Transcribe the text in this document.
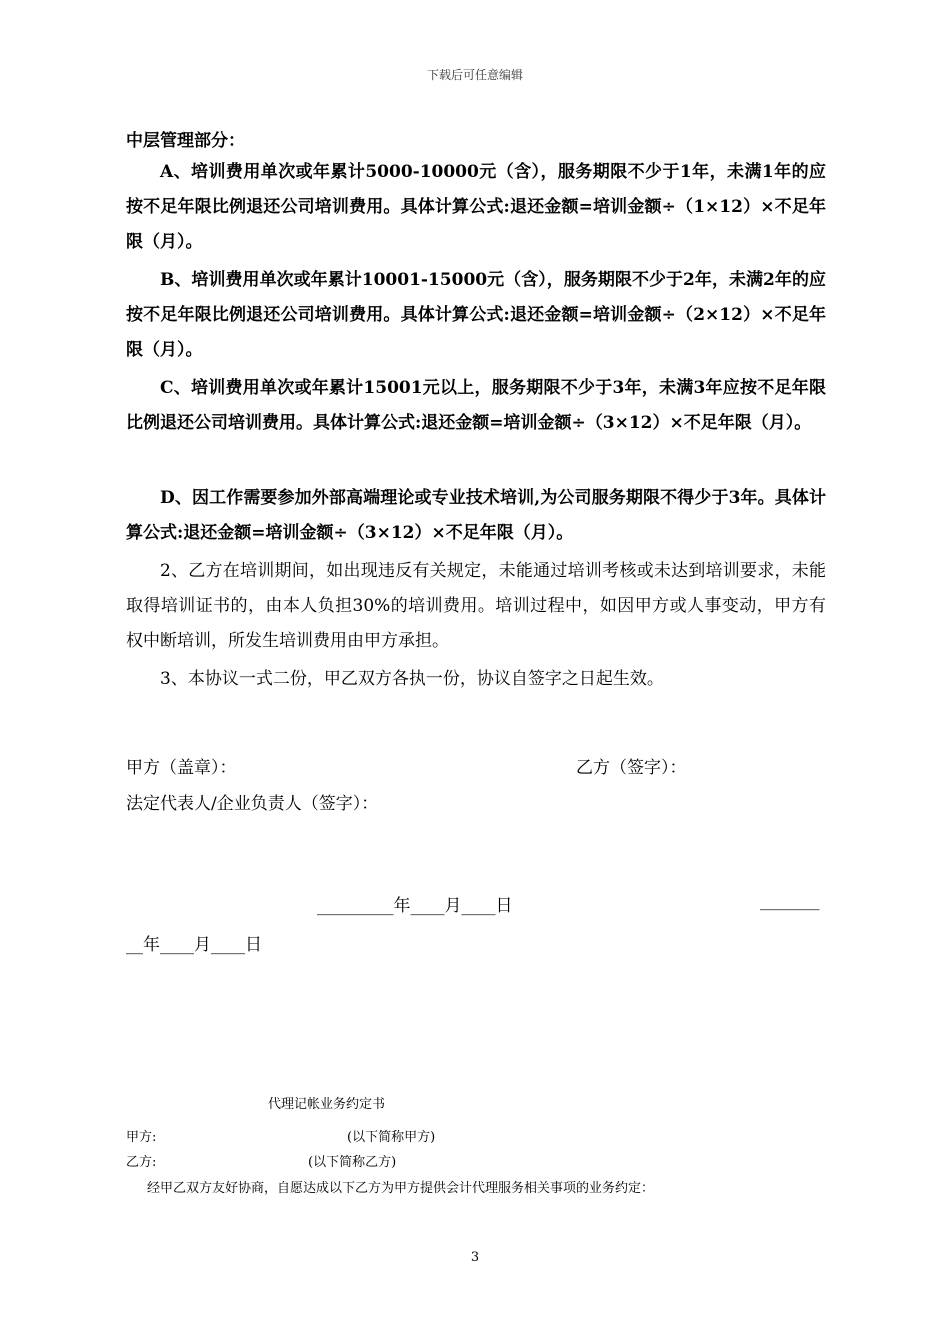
下载后可任意编辑
中层管理部分：
A、培训费用单次或年累计5000-10000元（含），服务期限不少于1年，未满1年的应按不足年限比例退还公司培训费用。具体计算公式:退还金额=培训金额÷（1×12）×不足年限（月）。
B、培训费用单次或年累计10001-15000元（含），服务期限不少于2年，未满2年的应按不足年限比例退还公司培训费用。具体计算公式:退还金额=培训金额÷（2×12）×不足年限（月）。
C、培训费用单次或年累计15001元以上，服务期限不少于3年，未满3年应按不足年限比例退还公司培训费用。具体计算公式:退还金额=培训金额÷（3×12）×不足年限（月）。
D、因工作需要参加外部高端理论或专业技术培训,为公司服务期限不得少于3年。具体计算公式:退还金额=培训金额÷（3×12）×不足年限（月）。
2、乙方在培训期间，如出现违反有关规定，未能通过培训考核或未达到培训要求，未能取得培训证书的，由本人负担30%的培训费用。培训过程中，如因甲方或人事变动，甲方有权中断培训，所发生培训费用由甲方承担。
3、本协议一式二份，甲乙双方各执一份，协议自签字之日起生效。
甲方（盖章）：	乙方（签字）：
法定代表人/企业负责人（签字）：
_________年____月____日	_______
__年____月____日
代理记帐业务约定书
甲方:	(以下简称甲方)
乙方:	(以下简称乙方)
经甲乙双方友好协商，自愿达成以下乙方为甲方提供会计代理服务相关事项的业务约定：
3
